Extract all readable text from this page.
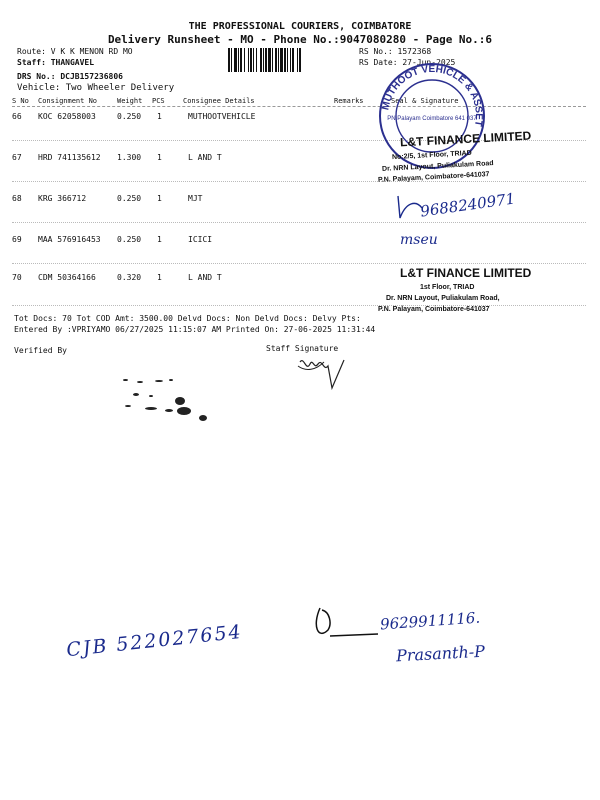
THE PROFESSIONAL COURIERS, COIMBATORE
Delivery Runsheet - MO - Phone No.:9047080280 - Page No.:6
Route: V K K MENON RD MO
Staff: THANGAVEL
DRS No.: DCJB157236806
Vehicle: Two Wheeler Delivery
RS No.: 1572368
RS Date: 27-Jun-2025
S No Consignment No	Weight PCS	Consignee Details	Remarks	Seal & Signature
66 KOC 62058003	0.250 1	MUTHOOTVEHICLE
67 HRD 741135612 1.300 1	L AND T
68 KRG 366712	0.250 1	MJT
69 MAA 576916453 0.250 1	ICICI
70 CDM 50364166	0.320 1	L AND T
Tot Docs: 70 Tot COD Amt: 3500.00 Delvd Docs: Non Delvd Docs: Delvy Pts:
Entered By :VPRIYAMO 06/27/2025 11:15:07 AM Printed On: 27-06-2025 11:31:44
Verified By	Staff Signature
MUTHOOT VEHICLE & ASSET
PN Palayam Coimbatore 641 037
L&T FINANCE LIMITED
No:2/5, 1st Floor, TRIAD
Dr. NRN Layout, Puliakulam Road
P.N. Palayam, Coimbatore-641037
9688240971
mseu
L&T FINANCE LIMITED
1st Floor, TRIAD
Dr. NRN Layout, Puliakulam Road,
P.N. Palayam, Coimbatore-641037
CJB 522027654	9629911116.
Prasanth-P
